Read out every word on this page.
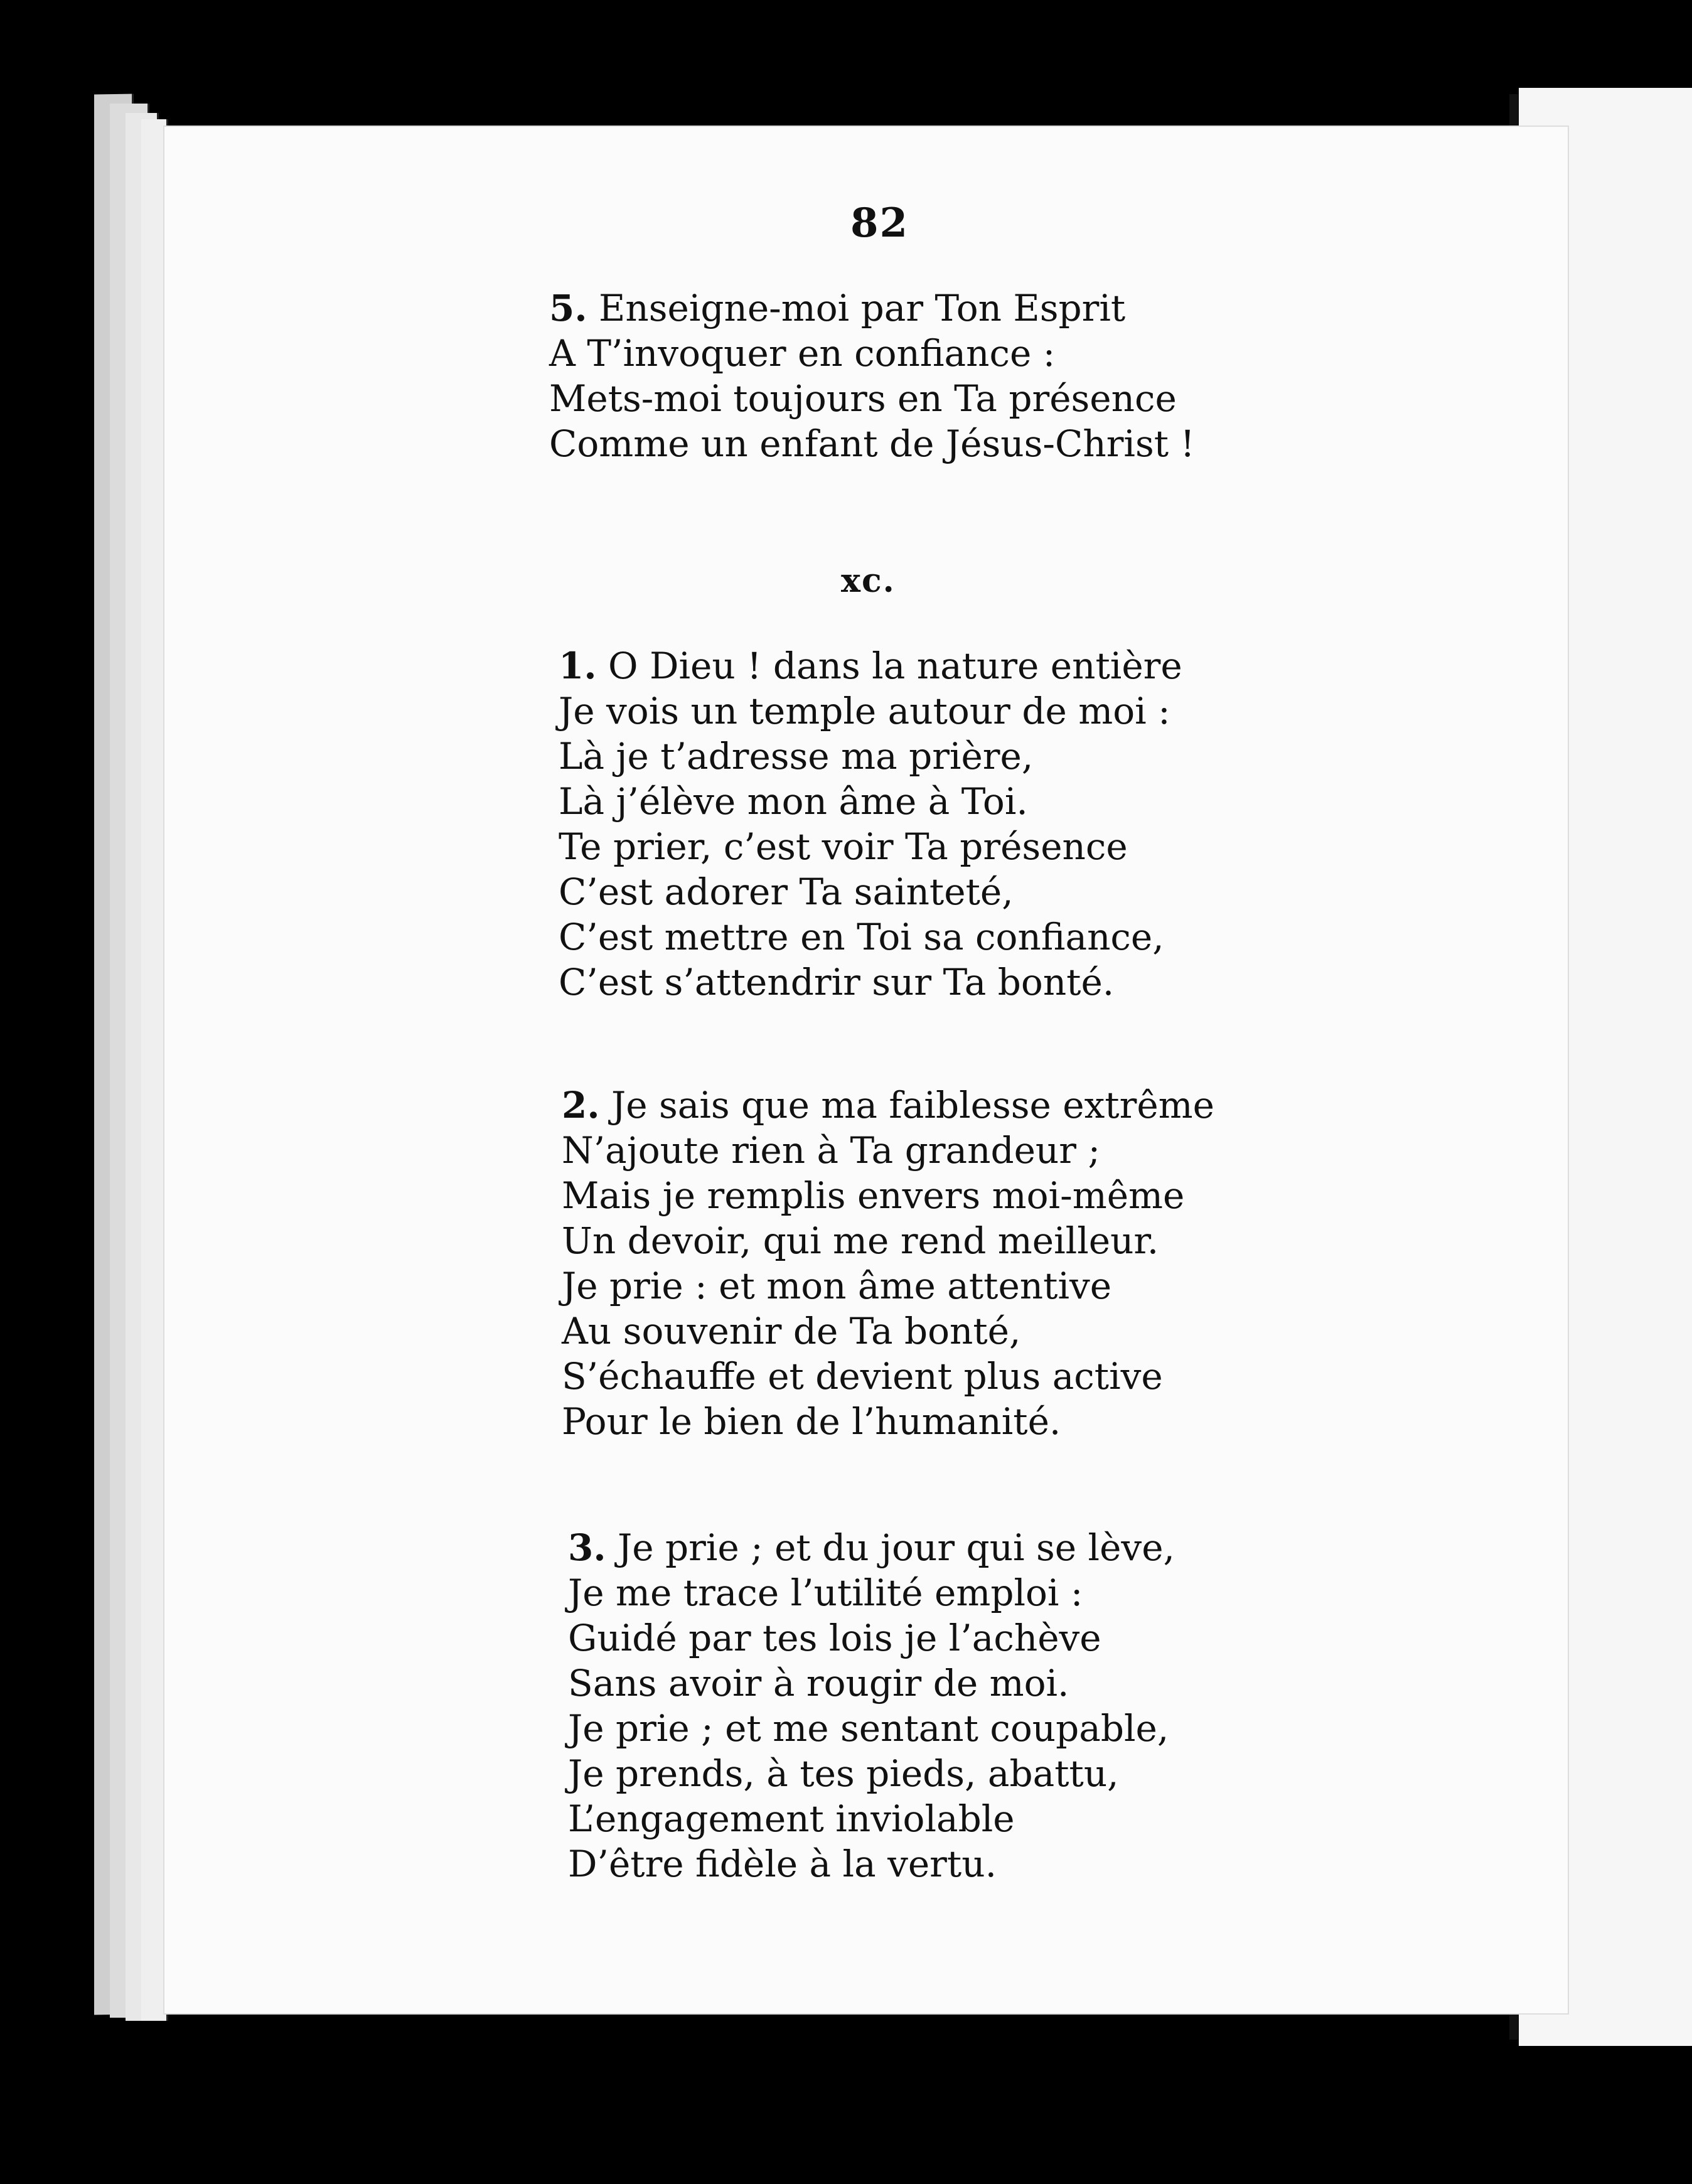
82
xc.
5. Enseigne-moi par Ton Esprit
A T’invoquer en confiance :
Mets-moi toujours en Ta présence
Comme un enfant de Jésus-Christ !
1. O Dieu ! dans la nature entière
Je vois un temple autour de moi :
Là je t’adresse ma prière,
Là j’élève mon âme à Toi.
Te prier, c’est voir Ta présence
C’est adorer Ta sainteté,
C’est mettre en Toi sa confiance,
C’est s’attendrir sur Ta bonté.
2. Je sais que ma faiblesse extrême
N’ajoute rien à Ta grandeur ;
Mais je remplis envers moi-même
Un devoir, qui me rend meilleur.
Je prie : et mon âme attentive
Au souvenir de Ta bonté,
S’échauffe et devient plus active
Pour le bien de l’humanité.
3. Je prie ; et du jour qui se lève,
Je me trace l’utilité emploi :
Guidé par tes lois je l’achève
Sans avoir à rougir de moi.
Je prie ; et me sentant coupable,
Je prends, à tes pieds, abattu,
L’engagement inviolable
D’être fidèle à la vertu.
